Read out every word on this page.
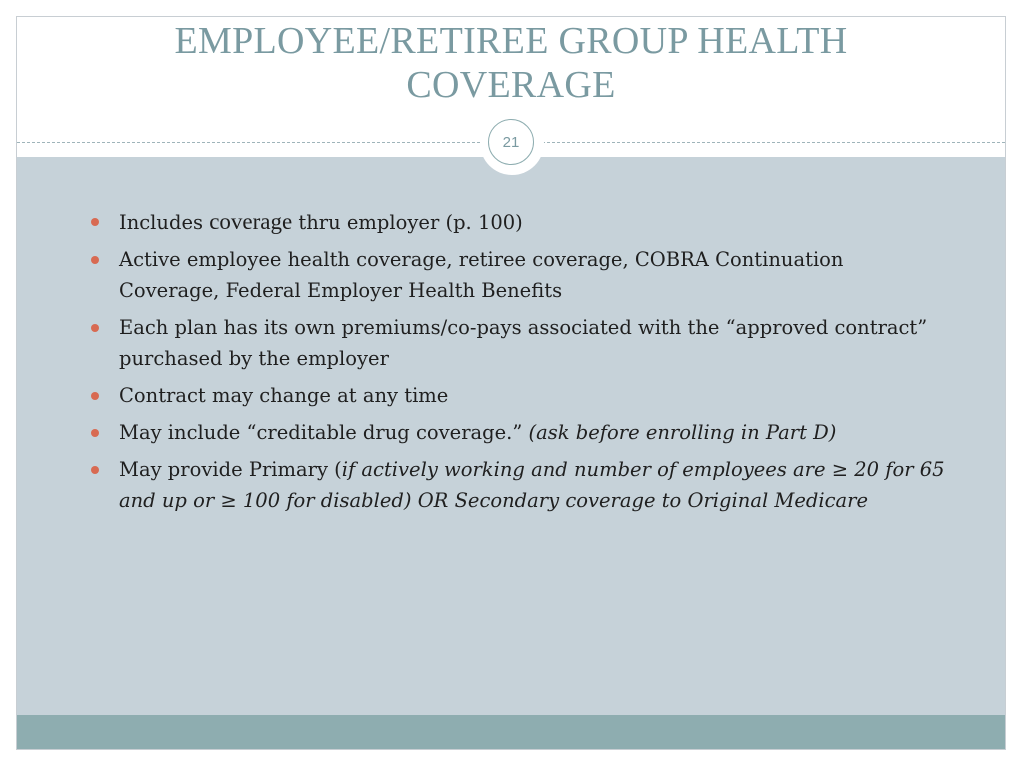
EMPLOYEE/RETIREE GROUP HEALTH
COVERAGE
21
Includes coverage thru employer (p. 100)
Active employee health coverage, retiree coverage, COBRA Continuation Coverage, Federal Employer Health Benefits
Each plan has its own premiums/co-pays associated with the “approved contract” purchased by the employer
Contract may change at any time
May include “creditable drug coverage.” (ask before enrolling in Part D)
May provide Primary (if actively working and number of employees are ≥ 20 for 65 and up or ≥ 100 for disabled) OR Secondary coverage to Original Medicare
